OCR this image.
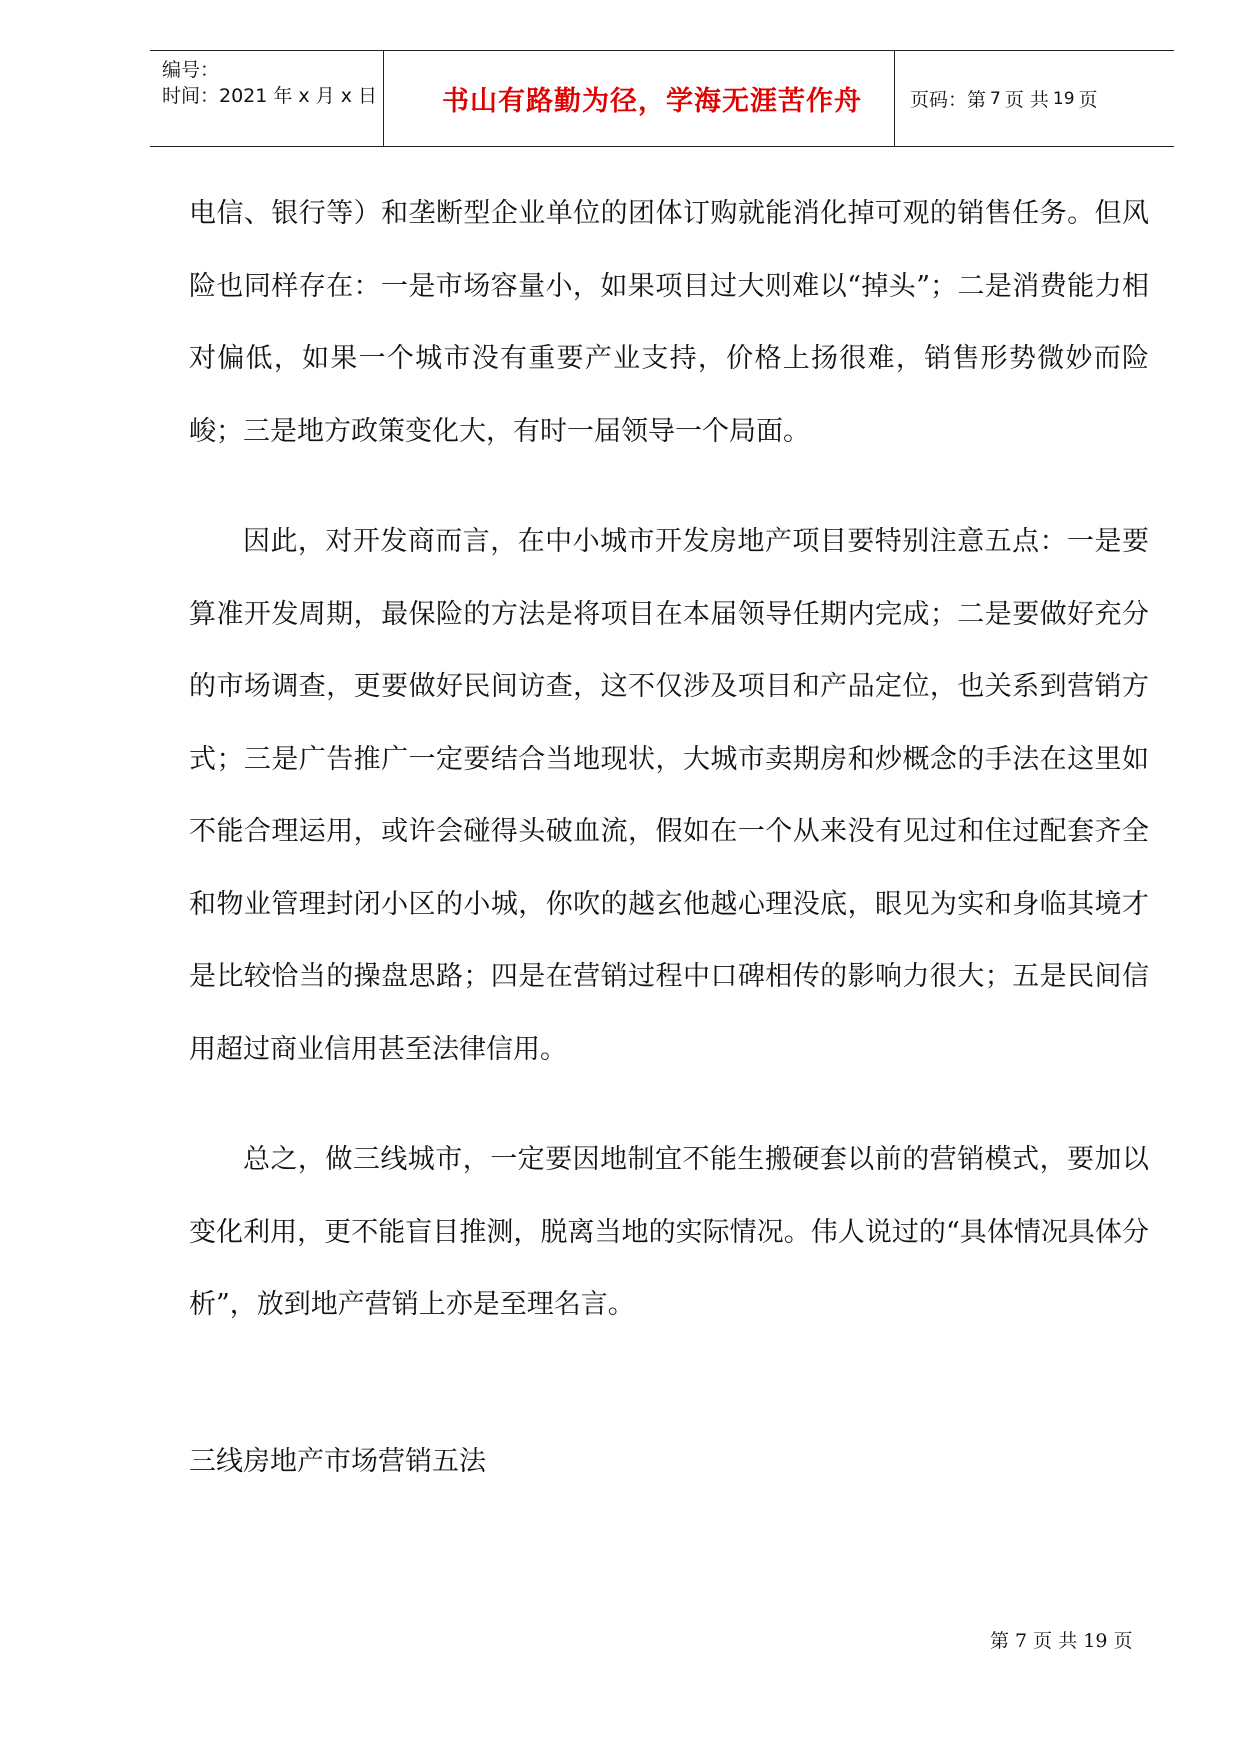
编号：
时间：2021 年 x 月 x 日	书山有路勤为径，学海无涯苦作舟	页码：第 7 页 共 19 页

电信、银行等）和垄断型企业单位的团体订购就能消化掉可观的销售任务。但风险也同样存在：一是市场容量小，如果项目过大则难以“掉头”；二是消费能力相对偏低，如果一个城市没有重要产业支持，价格上扬很难，销售形势微妙而险峻；三是地方政策变化大，有时一届领导一个局面。

因此，对开发商而言，在中小城市开发房地产项目要特别注意五点：一是要算准开发周期，最保险的方法是将项目在本届领导任期内完成；二是要做好充分的市场调查，更要做好民间访查，这不仅涉及项目和产品定位，也关系到营销方式；三是广告推广一定要结合当地现状，大城市卖期房和炒概念的手法在这里如不能合理运用，或许会碰得头破血流，假如在一个从来没有见过和住过配套齐全和物业管理封闭小区的小城，你吹的越玄他越心理没底，眼见为实和身临其境才是比较恰当的操盘思路；四是在营销过程中口碑相传的影响力很大；五是民间信用超过商业信用甚至法律信用。

总之，做三线城市，一定要因地制宜不能生搬硬套以前的营销模式，要加以变化利用，更不能盲目推测，脱离当地的实际情况。伟人说过的“具体情况具体分析”，放到地产营销上亦是至理名言。

三线房地产市场营销五法

第 7 页 共 19 页
